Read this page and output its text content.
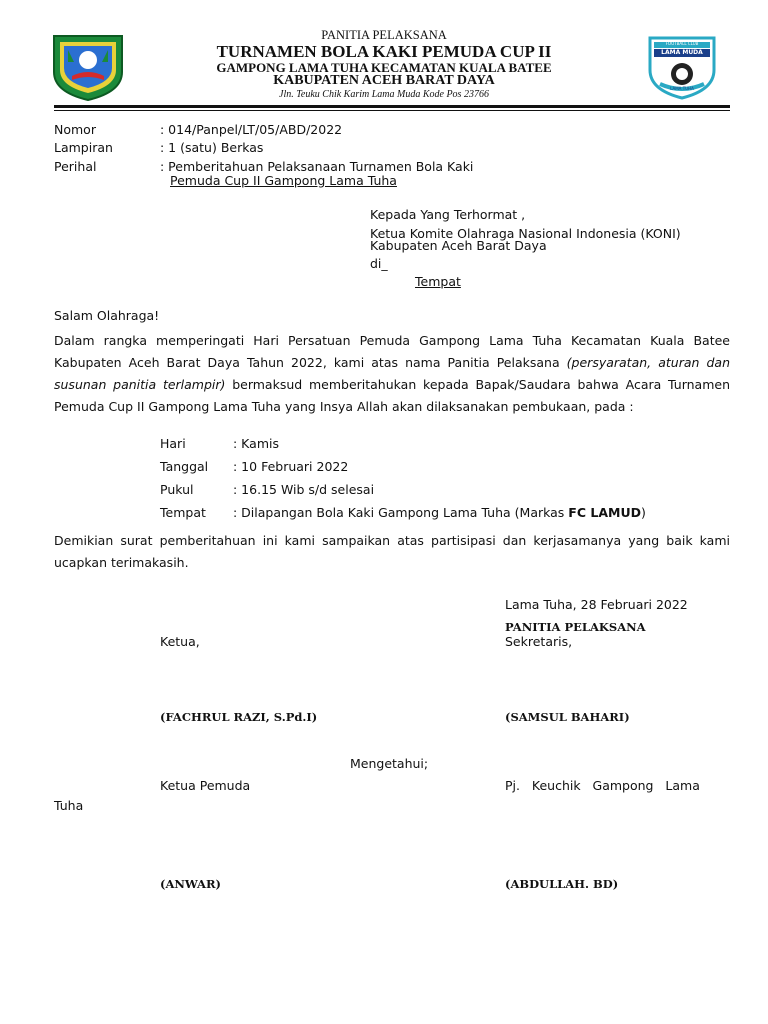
FOOTBALL CLUB
LAMA MUDA
LAMA TUHA
PANITIA PELAKSANA
TURNAMEN BOLA KAKI PEMUDA CUP II
GAMPONG LAMA TUHA KECAMATAN KUALA BATEE
KABUPATEN ACEH BARAT DAYA
Jln. Teuku Chik Karim Lama Muda Kode Pos 23766
Nomor	: 014/Panpel/LT/05/ABD/2022
Lampiran	: 1 (satu) Berkas
Perihal	: Pemberitahuan Pelaksanaan Turnamen Bola Kaki
Pemuda Cup II Gampong Lama Tuha
Kepada Yang Terhormat ,
Ketua Komite Olahraga Nasional Indonesia (KONI)
Kabupaten Aceh Barat Daya
di_
Tempat
Salam Olahraga!
Dalam rangka memperingati Hari Persatuan Pemuda Gampong Lama Tuha Kecamatan Kuala Batee Kabupaten Aceh Barat Daya Tahun 2022, kami atas nama Panitia Pelaksana (persyaratan, aturan dan susunan panitia terlampir) bermaksud memberitahukan kepada Bapak/Saudara bahwa Acara Turnamen Pemuda Cup II Gampong Lama Tuha yang Insya Allah akan dilaksanakan pembukaan, pada :
Hari	: Kamis
Tanggal : 10 Februari 2022
Pukul	: 16.15 Wib s/d selesai
Tempat : Dilapangan Bola Kaki Gampong Lama Tuha (Markas FC LAMUD)
Demikian surat pemberitahuan ini kami sampaikan atas partisipasi dan kerjasamanya yang baik kami ucapkan terimakasih.
Lama Tuha, 28 Februari 2022
PANITIA PELAKSANA
Ketua,	Sekretaris,
(FACHRUL RAZI, S.Pd.I)	(SAMSUL BAHARI)
Mengetahui;
Ketua Pemuda	Pj.   Keuchik   Gampong   Lama
Tuha
(ANWAR)	(ABDULLAH. BD)
